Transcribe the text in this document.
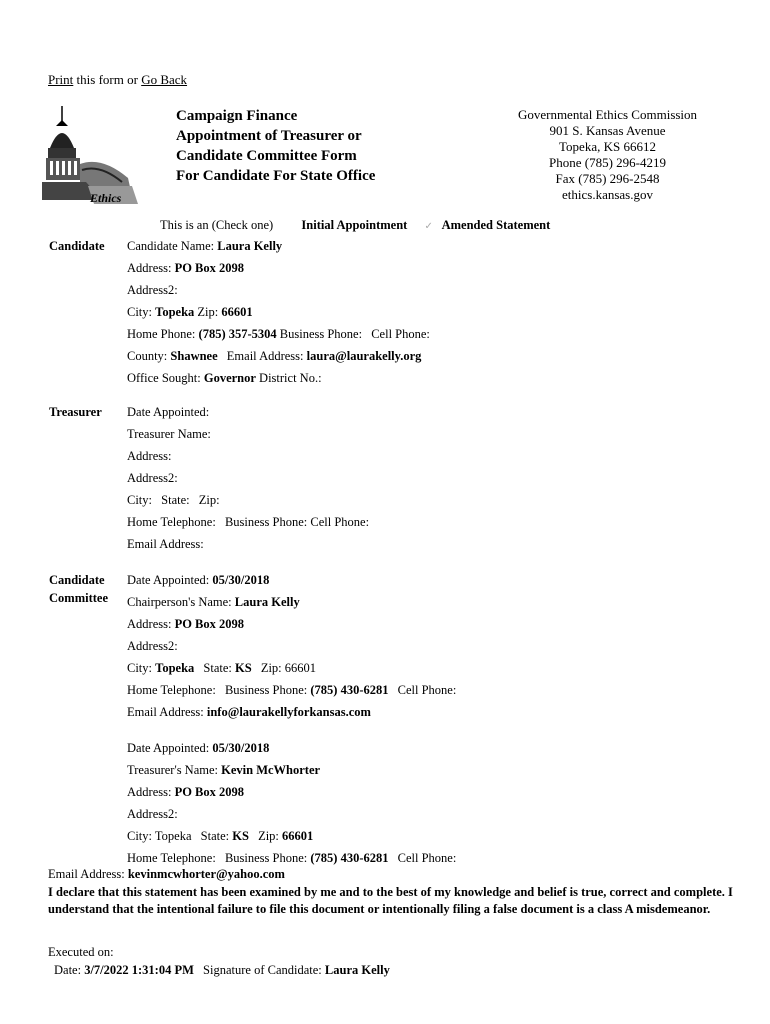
Print this form or Go Back
Ethics
Campaign Finance
Appointment of Treasurer or
Candidate Committee Form
For Candidate For State Office
Governmental Ethics Commission
901 S. Kansas Avenue
Topeka, KS 66612
Phone (785) 296-4219
Fax (785) 296-2548
ethics.kansas.gov
This is an (Check one) Initial Appointment ✓ Amended Statement
Candidate Candidate Name: Laura Kelly
Address: PO Box 2098
Address2:
City: Topeka Zip: 66601
Home Phone: (785) 357-5304 Business Phone: Cell Phone:
County: Shawnee Email Address: laura@laurakelly.org
Office Sought: Governor District No.:
Treasurer Date Appointed:
Treasurer Name:
Address:
Address2:
City: State: Zip:
Home Telephone: Business Phone: Cell Phone:
Email Address:
Candidate
Committee
Date Appointed: 05/30/2018
Chairperson's Name: Laura Kelly
Address: PO Box 2098
Address2:
City: Topeka State: KS Zip: 66601
Home Telephone: Business Phone: (785) 430-6281 Cell Phone:
Email Address: info@laurakellyforkansas.com
Date Appointed: 05/30/2018
Treasurer's Name: Kevin McWhorter
Address: PO Box 2098
Address2:
City: Topeka State: KS Zip: 66601
Home Telephone: Business Phone: (785) 430-6281 Cell Phone:
Email Address: kevinmcwhorter@yahoo.com
I declare that this statement has been examined by me and to the best of my knowledge and belief is true, correct and complete. I understand that the intentional failure to file this document or intentionally filing a false document is a class A misdemeanor.
Executed on:
Date: 3/7/2022 1:31:04 PM Signature of Candidate: Laura Kelly
